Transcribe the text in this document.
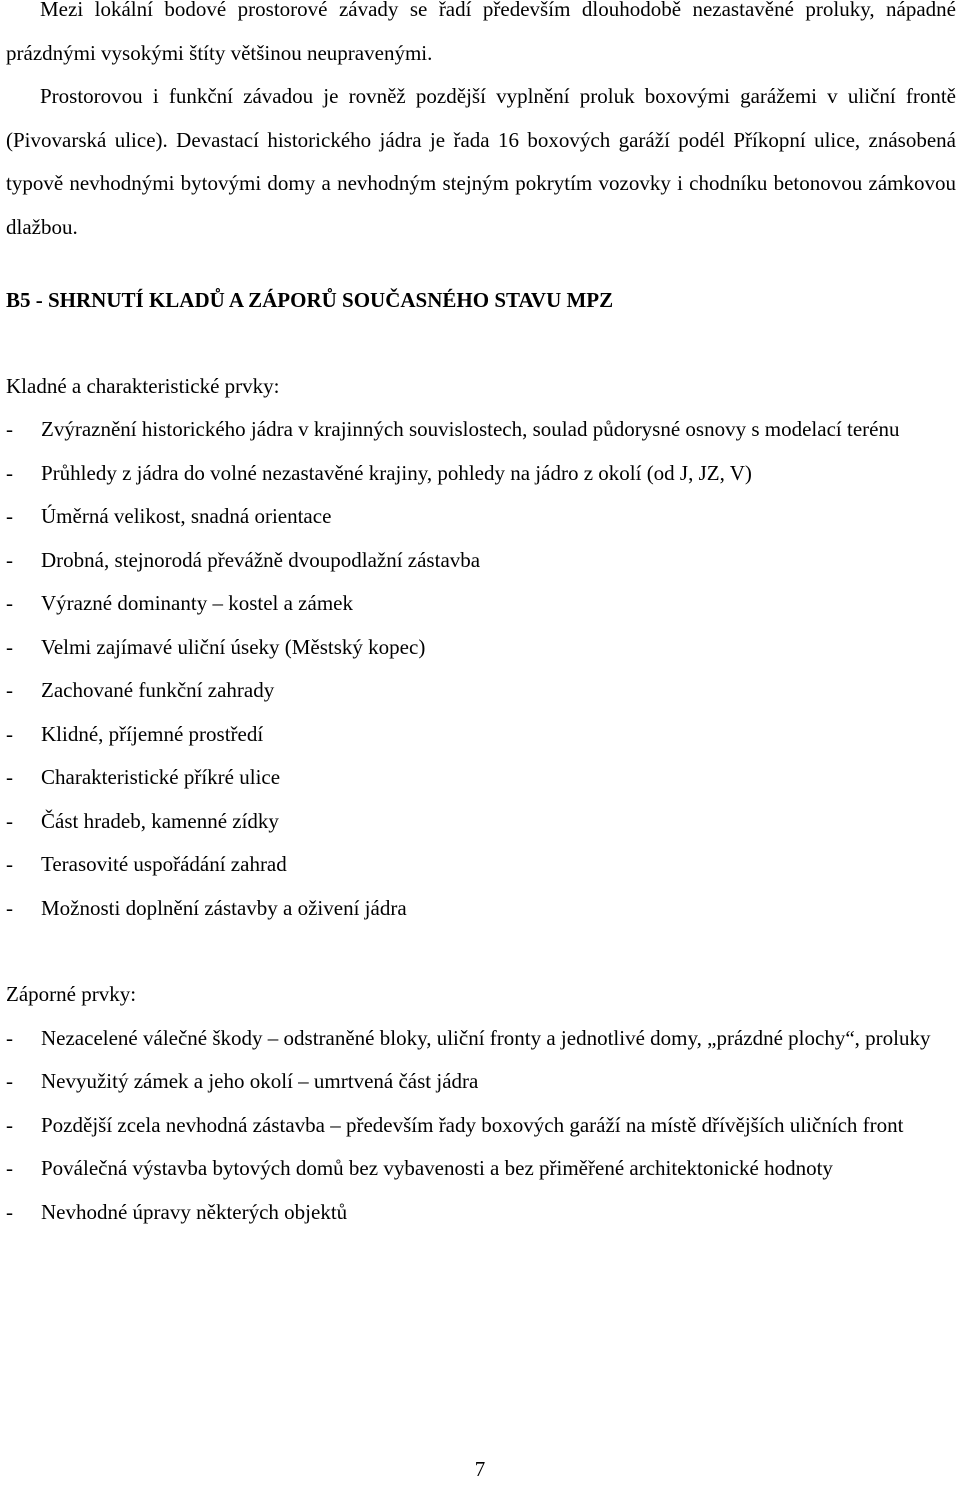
Mezi lokální bodové prostorové závady se řadí především dlouhodobě nezastavěné proluky, nápadné prázdnými vysokými štíty většinou neupravenými.

Prostorovou i funkční závadou je rovněž pozdější vyplnění proluk boxovými garážemi v uliční frontě (Pivovarská ulice). Devastací historického jádra je řada 16 boxových garáží podél Příkopní ulice, znásobená typově nevhodnými bytovými domy a nevhodným stejným pokrytím vozovky i chodníku betonovou zámkovou dlažbou.

B5 - SHRNUTÍ KLADŮ A ZÁPORŮ SOUČASNÉHO STAVU MPZ

Kladné a charakteristické prvky:

- Zvýraznění historického jádra v krajinných souvislostech, soulad půdorysné osnovy s modelací terénu
- Průhledy z jádra do volné nezastavěné krajiny, pohledy na jádro z okolí (od J, JZ, V)
- Úměrná velikost, snadná orientace
- Drobná, stejnorodá převážně dvoupodlažní zástavba
- Výrazné dominanty – kostel a zámek
- Velmi zajímavé uliční úseky (Městský kopec)
- Zachované funkční zahrady
- Klidné, příjemné prostředí
- Charakteristické příkré ulice
- Část hradeb, kamenné zídky
- Terasovité uspořádání zahrad
- Možnosti doplnění zástavby a oživení jádra

Záporné prvky:

- Nezacelené válečné škody – odstraněné bloky, uliční fronty a jednotlivé domy, „prázdné plochy“, proluky
- Nevyužitý zámek a jeho okolí – umrtvená část jádra
- Pozdější zcela nevhodná zástavba – především řady boxových garáží na místě dřívějších uličních front
- Poválečná výstavba bytových domů bez vybavenosti a bez přiměřené architektonické hodnoty
- Nevhodné úpravy některých objektů
7
